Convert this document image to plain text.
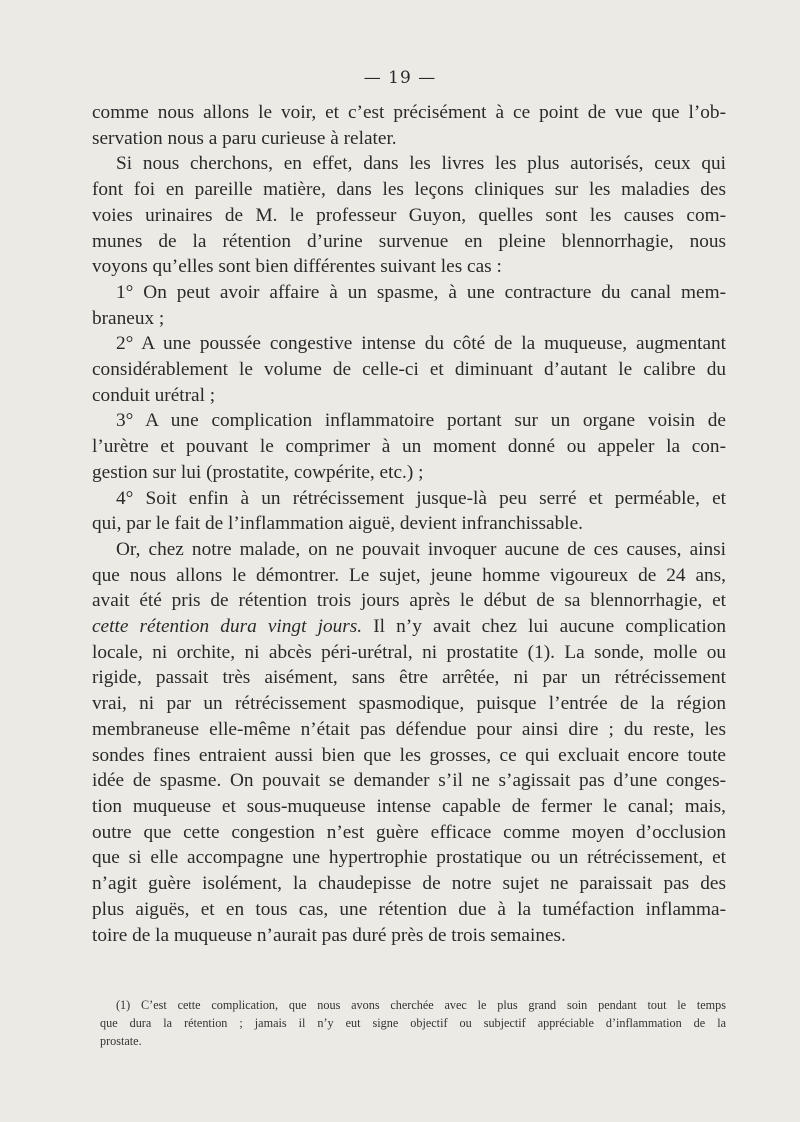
— 19 —
comme nous allons le voir, et c’est précisément à ce point de vue que l’ob-
servation nous a paru curieuse à relater.
Si nous cherchons, en effet, dans les livres les plus autorisés, ceux qui
font foi en pareille matière, dans les leçons cliniques sur les maladies des
voies urinaires de M. le professeur Guyon, quelles sont les causes com-
munes de la rétention d’urine survenue en pleine blennorrhagie, nous
voyons qu’elles sont bien différentes suivant les cas :
1° On peut avoir affaire à un spasme, à une contracture du canal mem-
braneux ;
2° A une poussée congestive intense du côté de la muqueuse, augmentant
considérablement le volume de celle-ci et diminuant d’autant le calibre du
conduit urétral ;
3° A une complication inflammatoire portant sur un organe voisin de
l’urètre et pouvant le comprimer à un moment donné ou appeler la con-
gestion sur lui (prostatite, cowpérite, etc.) ;
4° Soit enfin à un rétrécissement jusque-là peu serré et perméable, et
qui, par le fait de l’inflammation aiguë, devient infranchissable.
Or, chez notre malade, on ne pouvait invoquer aucune de ces causes, ainsi
que nous allons le démontrer. Le sujet, jeune homme vigoureux de 24 ans,
avait été pris de rétention trois jours après le début de sa blennorrhagie, et
cette rétention dura vingt jours. Il n’y avait chez lui aucune complication
locale, ni orchite, ni abcès péri-urétral, ni prostatite (1). La sonde, molle ou
rigide, passait très aisément, sans être arrêtée, ni par un rétrécissement
vrai, ni par un rétrécissement spasmodique, puisque l’entrée de la région
membraneuse elle-même n’était pas défendue pour ainsi dire ; du reste, les
sondes fines entraient aussi bien que les grosses, ce qui excluait encore toute
idée de spasme. On pouvait se demander s’il ne s’agissait pas d’une conges-
tion muqueuse et sous-muqueuse intense capable de fermer le canal; mais,
outre que cette congestion n’est guère efficace comme moyen d’occlusion
que si elle accompagne une hypertrophie prostatique ou un rétrécissement, et
n’agit guère isolément, la chaudepisse de notre sujet ne paraissait pas des
plus aiguës, et en tous cas, une rétention due à la tuméfaction inflamma-
toire de la muqueuse n’aurait pas duré près de trois semaines.
(1) C’est cette complication, que nous avons cherchée avec le plus grand soin pendant tout le temps
que dura la rétention ; jamais il n’y eut signe objectif ou subjectif appréciable d’inflammation de la
prostate.
